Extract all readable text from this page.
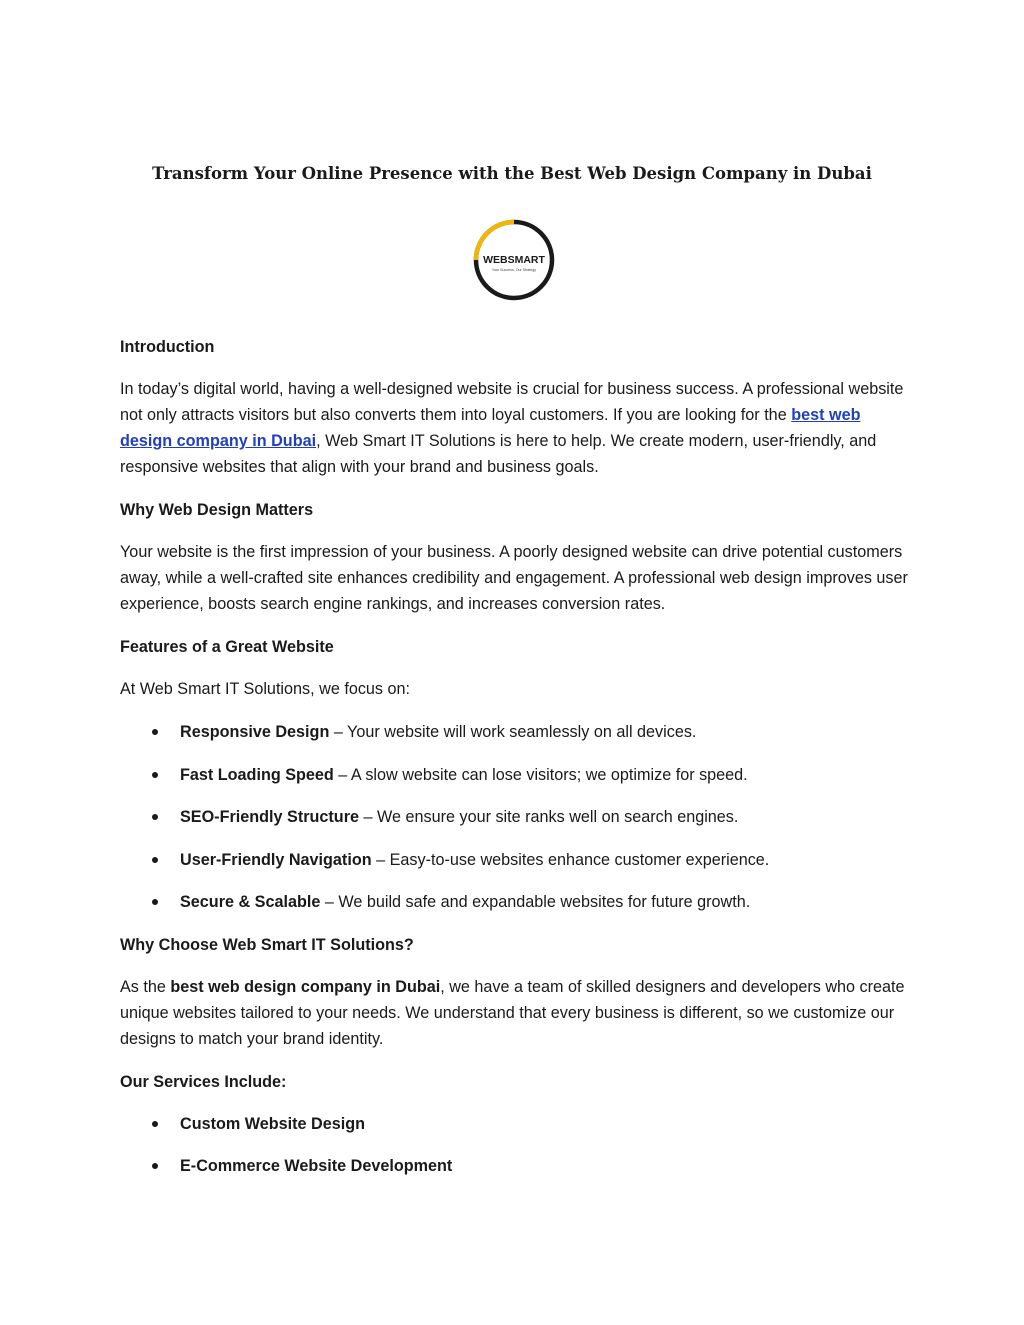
Transform Your Online Presence with the Best Web Design Company in Dubai
WEBSMART
Your Success, Our Strategy
Introduction

In today’s digital world, having a well-designed website is crucial for business success. A professional website not only attracts visitors but also converts them into loyal customers. If you are looking for the best web design company in Dubai, Web Smart IT Solutions is here to help. We create modern, user-friendly, and responsive websites that align with your brand and business goals.

Why Web Design Matters

Your website is the first impression of your business. A poorly designed website can drive potential customers away, while a well-crafted site enhances credibility and engagement. A professional web design improves user experience, boosts search engine rankings, and increases conversion rates.

Features of a Great Website

At Web Smart IT Solutions, we focus on:

Responsive Design – Your website will work seamlessly on all devices.
Fast Loading Speed – A slow website can lose visitors; we optimize for speed.
SEO-Friendly Structure – We ensure your site ranks well on search engines.
User-Friendly Navigation – Easy-to-use websites enhance customer experience.
Secure & Scalable – We build safe and expandable websites for future growth.
Why Choose Web Smart IT Solutions?

As the best web design company in Dubai, we have a team of skilled designers and developers who create unique websites tailored to your needs. We understand that every business is different, so we customize our designs to match your brand identity.

Our Services Include:
Custom Website Design
E-Commerce Website Development
